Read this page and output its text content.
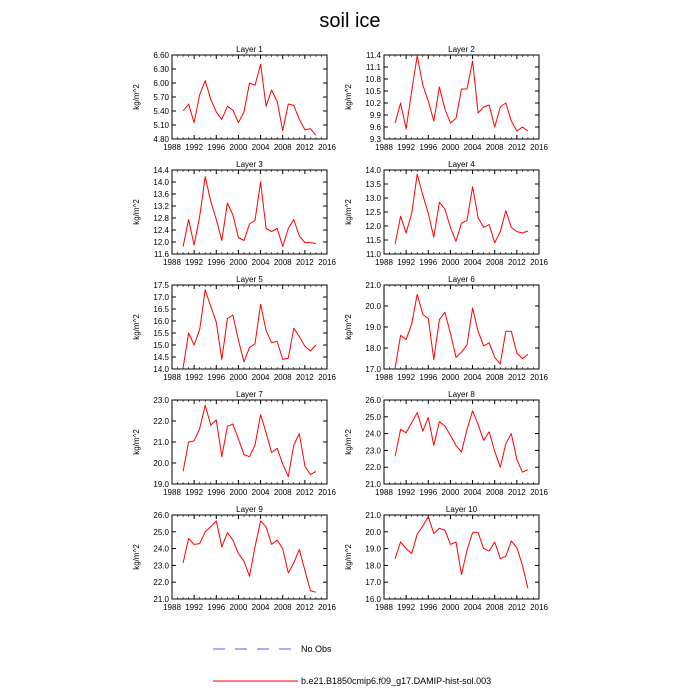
soil ice
Layer 1
kg/m^2
1988 1992 1996 2000 2004 2008 2012 2016
4.80
5.10
5.40
5.70
6.00
6.30
6.60
Layer 2
kg/m^2
1988 1992 1996 2000 2004 2008 2012 2016
9.3
9.6
9.9
10.2
10.5
10.8
11.1
11.4
Layer 3
kg/m^2
1988 1992 1996 2000 2004 2008 2012 2016
11.6
12.0
12.4
12.8
13.2
13.6
14.0
14.4
Layer 4
kg/m^2
1988 1992 1996 2000 2004 2008 2012 2016
11.0
11.5
12.0
12.5
13.0
13.5
14.0
Layer 5
kg/m^2
1988 1992 1996 2000 2004 2008 2012 2016
14.0
14.5
15.0
15.5
16.0
16.5
17.0
17.5
Layer 6
kg/m^2
1988 1992 1996 2000 2004 2008 2012 2016
17.0
18.0
19.0
20.0
21.0
Layer 7
kg/m^2
1988 1992 1996 2000 2004 2008 2012 2016
19.0
20.0
21.0
22.0
23.0
Layer 8
kg/m^2
1988 1992 1996 2000 2004 2008 2012 2016
21.0
22.0
23.0
24.0
25.0
26.0
Layer 9
kg/m^2
1988 1992 1996 2000 2004 2008 2012 2016
21.0
22.0
23.0
24.0
25.0
26.0
Layer 10
kg/m^2
1988 1992 1996 2000 2004 2008 2012 2016
16.0
17.0
18.0
19.0
20.0
21.0
No Obs
b.e21.B1850cmip6.f09_g17.DAMIP-hist-sol.003
